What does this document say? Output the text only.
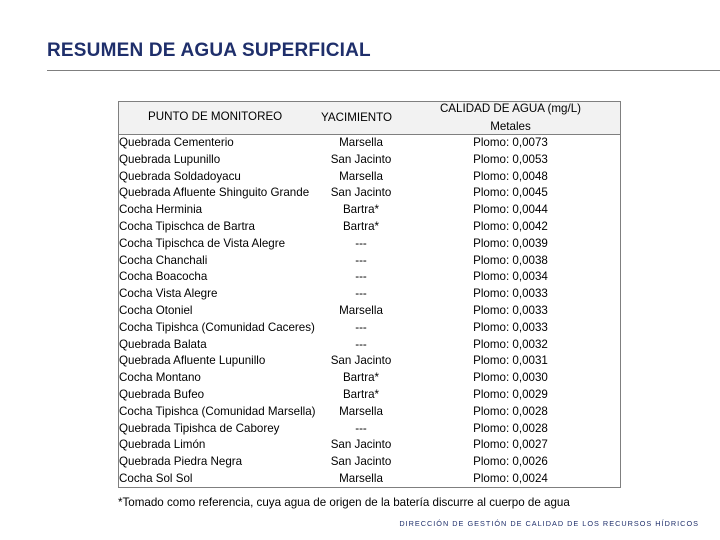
RESUMEN DE AGUA SUPERFICIAL
PUNTO DE MONITOREO	YACIMIENTO
CALIDAD DE AGUA (mg/L)
Metales
Quebrada Cementerio	Marsella	Plomo: 0,0073
Quebrada Lupunillo	San Jacinto	Plomo: 0,0053
Quebrada Soldadoyacu	Marsella	Plomo: 0,0048
Quebrada Afluente Shinguito Grande	San Jacinto	Plomo: 0,0045
Cocha Herminia	Bartra*	Plomo: 0,0044
Cocha Tipischca de Bartra	Bartra*	Plomo: 0,0042
Cocha Tipischca de Vista Alegre	---	Plomo: 0,0039
Cocha Chanchali	---	Plomo: 0,0038
Cocha Boacocha	---	Plomo: 0,0034
Cocha Vista Alegre	---	Plomo: 0,0033
Cocha Otoniel	Marsella	Plomo: 0,0033
Cocha Tipishca (Comunidad Caceres)	---	Plomo: 0,0033
Quebrada Balata	---	Plomo: 0,0032
Quebrada Afluente Lupunillo	San Jacinto	Plomo: 0,0031
Cocha Montano	Bartra*	Plomo: 0,0030
Quebrada Bufeo	Bartra*	Plomo: 0,0029
Cocha Tipishca (Comunidad Marsella)	Marsella	Plomo: 0,0028
Quebrada Tipishca de Caborey	---	Plomo: 0,0028
Quebrada Limón	San Jacinto	Plomo: 0,0027
Quebrada Piedra Negra	San Jacinto	Plomo: 0,0026
Cocha Sol Sol	Marsella	Plomo: 0,0024
*Tomado como referencia, cuya agua de origen de la batería discurre al cuerpo de agua
DIRECCIÓN DE GESTIÓN DE CALIDAD DE LOS RECURSOS HÍDRICOS
